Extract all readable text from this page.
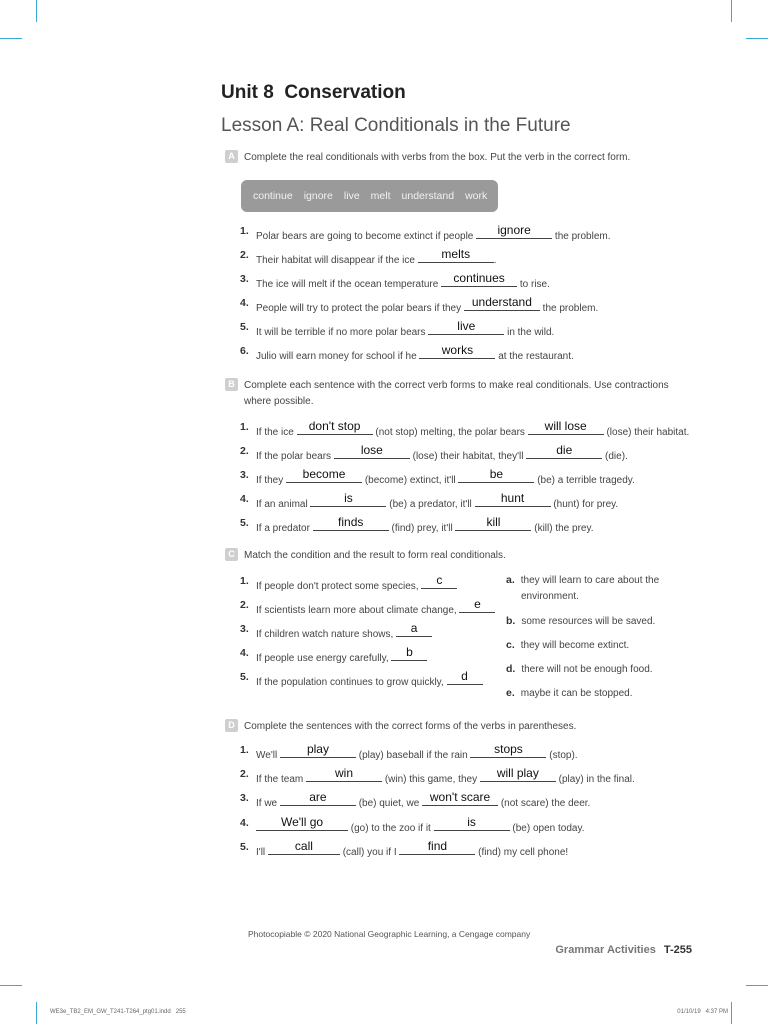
Unit 8  Conservation
Lesson A: Real Conditionals in the Future
A Complete the real conditionals with verbs from the box. Put the verb in the correct form.
continue ignore live melt understand work
1. Polar bears are going to become extinct if people	ignore	the problem.
2. Their habitat will disappear if the ice	melts	.
3. The ice will melt if the ocean temperature	continues	to rise.
4. People will try to protect the polar bears if they understand	the problem.
5. It will be terrible if no more polar bears	live	in the wild.
6. Julio will earn money for school if he	works	at the restaurant.
B Complete each sentence with the correct verb forms to make real conditionals. Use contractions
where possible.
1. If the ice	don't stop	(not stop) melting, the polar bears	will lose	(lose) their habitat.
2. If the polar bears	lose	(lose) their habitat, they'll	die	(die).
3. If they	become	(become) extinct, it'll	be	(be) a terrible tragedy.
4. If an animal	is	(be) a predator, it'll	hunt	(hunt) for prey.
5. If a predator	finds	(find) prey, it'll	kill	(kill) the prey.
C Match the condition and the result to form real conditionals.
1. If people don't protect some species,	c
2. If scientists learn more about climate change,	e
3. If children watch nature shows,	a
4. If people use energy carefully,	b
5. If the population continues to grow quickly,	d
a. they will learn to care about the
environment.
b. some resources will be saved.
c. they will become extinct.
d. there will not be enough food.
e. maybe it can be stopped.
D Complete the sentences with the correct forms of the verbs in parentheses.
1. We'll	play	(play) baseball if the rain	stops	(stop).
2. If the team	win	(win) this game, they	will play	(play) in the final.
3. If we	are	(be) quiet, we won't scare	(not scare) the deer.
4.	We'll go	(go) to the zoo if it	is	(be) open today.
5. I'll	call	(call) you if I	find	(find) my cell phone!
Photocopiable © 2020 National Geographic Learning, a Cengage company
Grammar Activities T-255
WE3e_TB2_EM_GW_T241-T264_ptg01.indd   255	01/10/19   4:37 PM
